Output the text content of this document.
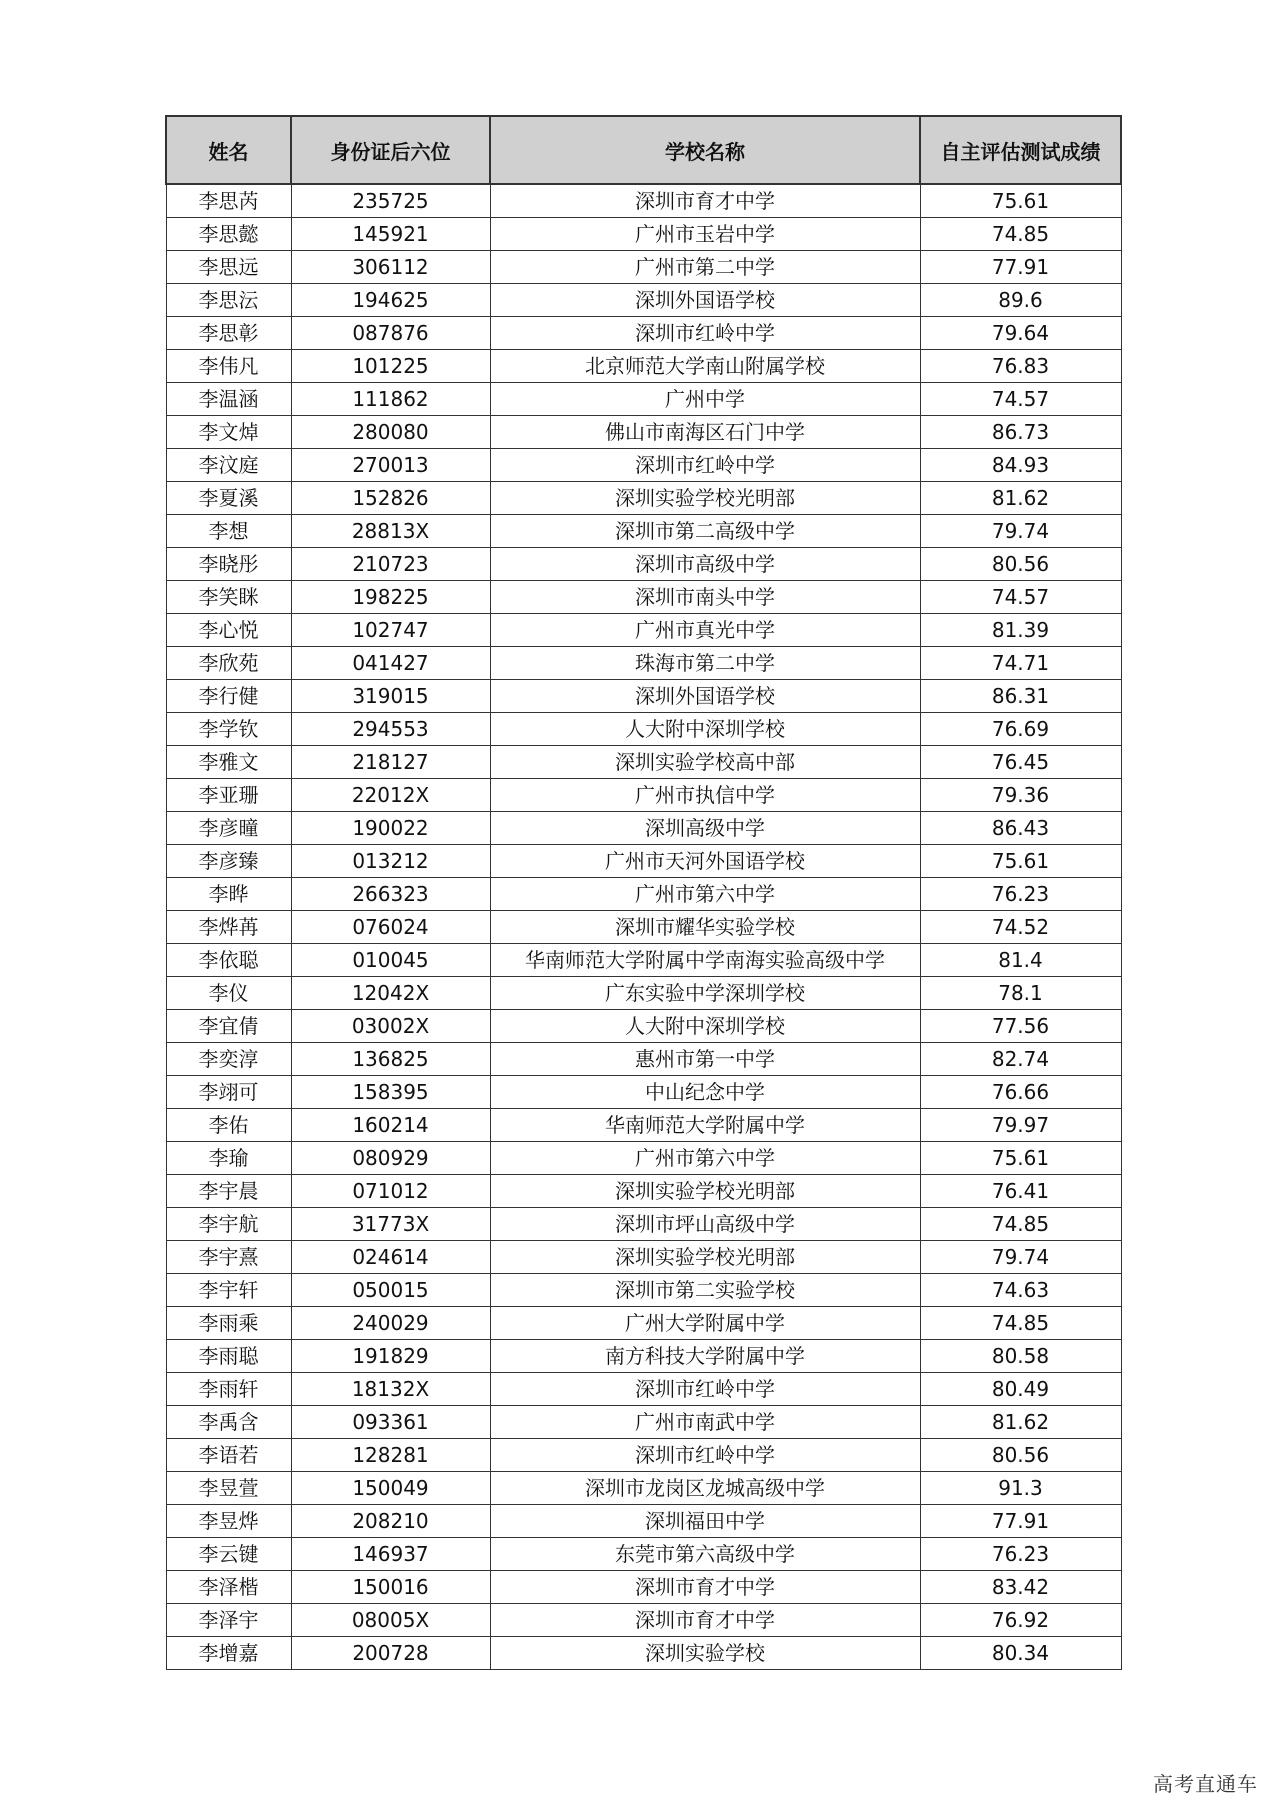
姓名	身份证后六位	学校名称	自主评估测试成绩
李思芮	235725	深圳市育才中学	75.61
李思懿	145921	广州市玉岩中学	74.85
李思远	306112	广州市第二中学	77.91
李思沄	194625	深圳外国语学校	89.6
李思彰	087876	深圳市红岭中学	79.64
李伟凡	101225	北京师范大学南山附属学校	76.83
李温涵	111862	广州中学	74.57
李文焯	280080	佛山市南海区石门中学	86.73
李汶庭	270013	深圳市红岭中学	84.93
李夏溪	152826	深圳实验学校光明部	81.62
李想	28813X	深圳市第二高级中学	79.74
李晓彤	210723	深圳市高级中学	80.56
李笑眯	198225	深圳市南头中学	74.57
李心悦	102747	广州市真光中学	81.39
李欣苑	041427	珠海市第二中学	74.71
李行健	319015	深圳外国语学校	86.31
李学钦	294553	人大附中深圳学校	76.69
李雅文	218127	深圳实验学校高中部	76.45
李亚珊	22012X	广州市执信中学	79.36
李彦曈	190022	深圳高级中学	86.43
李彦臻	013212	广州市天河外国语学校	75.61
李晔	266323	广州市第六中学	76.23
李烨苒	076024	深圳市耀华实验学校	74.52
李依聪	010045	华南师范大学附属中学南海实验高级中学	81.4
李仪	12042X	广东实验中学深圳学校	78.1
李宜倩	03002X	人大附中深圳学校	77.56
李奕淳	136825	惠州市第一中学	82.74
李翊可	158395	中山纪念中学	76.66
李佑	160214	华南师范大学附属中学	79.97
李瑜	080929	广州市第六中学	75.61
李宇晨	071012	深圳实验学校光明部	76.41
李宇航	31773X	深圳市坪山高级中学	74.85
李宇熹	024614	深圳实验学校光明部	79.74
李宇轩	050015	深圳市第二实验学校	74.63
李雨乘	240029	广州大学附属中学	74.85
李雨聪	191829	南方科技大学附属中学	80.58
李雨轩	18132X	深圳市红岭中学	80.49
李禹含	093361	广州市南武中学	81.62
李语若	128281	深圳市红岭中学	80.56
李昱萱	150049	深圳市龙岗区龙城高级中学	91.3
李昱烨	208210	深圳福田中学	77.91
李云键	146937	东莞市第六高级中学	76.23
李泽楷	150016	深圳市育才中学	83.42
李泽宇	08005X	深圳市育才中学	76.92
李增嘉	200728	深圳实验学校	80.34
高考直通车
